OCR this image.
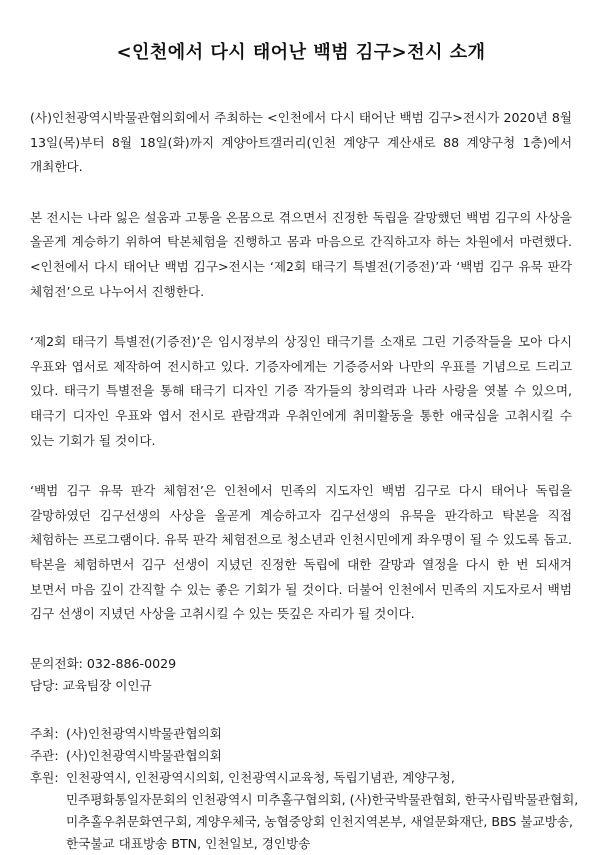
<인천에서 다시 태어난 백범 김구>전시 소개

(사)인천광역시박물관협의회에서 주최하는 <인천에서 다시 태어난 백범 김구>전시가 2020년 8월 13일(목)부터 8월 18일(화)까지 계양아트갤러리(인천 계양구 계산새로 88 계양구청 1층)에서 개최한다.

본 전시는 나라 잃은 설움과 고통을 온몸으로 겪으면서 진정한 독립을 갈망했던 백범 김구의 사상을 올곧게 계승하기 위하여 탁본체험을 진행하고 몸과 마음으로 간직하고자 하는 차원에서 마련했다. <인천에서 다시 태어난 백범 김구>전시는 ‘제2회 태극기 특별전(기증전)’과 ‘백범 김구 유묵 판각 체험전’으로 나누어서 진행한다.

‘제2회 태극기 특별전(기증전)’은 임시정부의 상징인 태극기를 소재로 그린 기증작들을 모아 다시 우표와 엽서로 제작하여 전시하고 있다. 기증자에게는 기증증서와 나만의 우표를 기념으로 드리고 있다. 태극기 특별전을 통해 태극기 디자인 기증 작가들의 창의력과 나라 사랑을 엿볼 수 있으며, 태극기 디자인 우표와 엽서 전시로 관람객과 우취인에게 취미활동을 통한 애국심을 고취시킬 수 있는 기회가 될 것이다.

‘백범 김구 유묵 판각 체험전’은 인천에서 민족의 지도자인 백범 김구로 다시 태어나 독립을 갈망하였던 김구선생의 사상을 올곧게 계승하고자 김구선생의 유묵을 판각하고 탁본을 직접 체험하는 프로그램이다. 유묵 판각 체험전으로 청소년과 인천시민에게 좌우명이 될 수 있도록 돕고. 탁본을 체험하면서 김구 선생이 지녔던 진정한 독립에 대한 갈망과 열정을 다시 한 번 되새겨 보면서 마음 깊이 간직할 수 있는 좋은 기회가 될 것이다. 더불어 인천에서 민족의 지도자로서 백범 김구 선생이 지녔던 사상을 고취시킬 수 있는 뜻깊은 자리가 될 것이다.

문의전화: 032-886-0029
담당: 교육팀장 이인규
주최: (사)인천광역시박물관협의회
주관: (사)인천광역시박물관협의회
후원: 인천광역시, 인천광역시의회, 인천광역시교육청, 독립기념관, 계양구청,
민주평화통일자문회의 인천광역시 미추홀구협의회, (사)한국박물관협회, 한국사립박물관협회,
미추홀우취문화연구회, 계양우체국, 농협중앙회 인천지역본부, 새얼문화재단, BBS 불교방송,
한국불교 대표방송 BTN, 인천일보, 경인방송
